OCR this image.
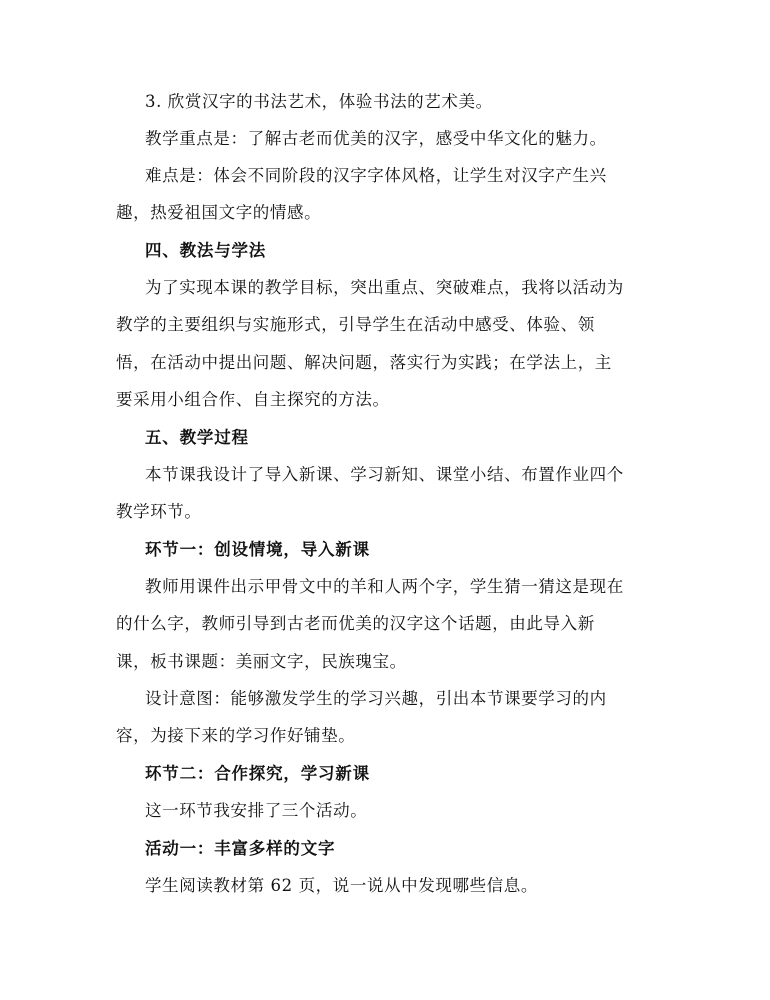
3. 欣赏汉字的书法艺术，体验书法的艺术美。

教学重点是：了解古老而优美的汉字，感受中华文化的魅力。

难点是：体会不同阶段的汉字字体风格，让学生对汉字产生兴

趣，热爱祖国文字的情感。

四、教法与学法

为了实现本课的教学目标，突出重点、突破难点，我将以活动为

教学的主要组织与实施形式，引导学生在活动中感受、体验、领

悟，在活动中提出问题、解决问题，落实行为实践；在学法上，主

要采用小组合作、自主探究的方法。

五、教学过程

本节课我设计了导入新课、学习新知、课堂小结、布置作业四个

教学环节。

环节一：创设情境，导入新课

教师用课件出示甲骨文中的羊和人两个字，学生猜一猜这是现在

的什么字，教师引导到古老而优美的汉字这个话题，由此导入新

课，板书课题：美丽文字，民族瑰宝。

设计意图：能够激发学生的学习兴趣，引出本节课要学习的内

容，为接下来的学习作好铺垫。

环节二：合作探究，学习新课

这一环节我安排了三个活动。

活动一：丰富多样的文字

学生阅读教材第 62 页，说一说从中发现哪些信息。
